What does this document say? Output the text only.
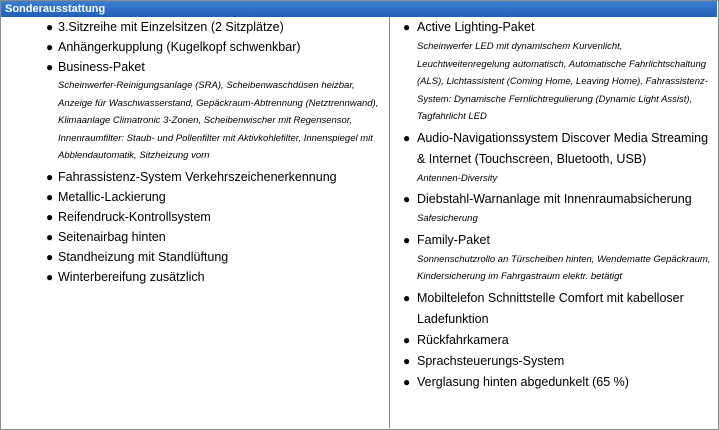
Sonderausstattung
● 3.Sitzreihe mit Einzelsitzen (2 Sitzplätze)
● Anhängerkupplung (Kugelkopf schwenkbar)
● Business-Paket
Scheinwerfer-Reinigungsanlage (SRA), Scheibenwaschdüsen heizbar, Anzeige für Waschwasserstand, Gepäckraum-Abtrennung (Netztrennwand), Klimaanlage Climatronic 3-Zonen, Scheibenwischer mit Regensensor, Innenraumfilter: Staub- und Pollenfilter mit Aktivkohlefilter, Innenspiegel mit Abblendautomatik, Sitzheizung vorn
● Fahrassistenz-System Verkehrszeichenerkennung
● Metallic-Lackierung
● Reifendruck-Kontrollsystem
● Seitenairbag hinten
● Standheizung mit Standlüftung
● Winterbereifung zusätzlich
● Active Lighting-Paket
Scheinwerfer LED mit dynamischem Kurvenlicht, Leuchtweitenregelung automatisch, Automatische Fahrlichtschaltung (ALS), Lichtassistent (Coming Home, Leaving Home), Fahrassistenz-System: Dynamische Fernlichtregulierung (Dynamic Light Assist), Tagfahrlicht LED
● Audio-Navigationssystem Discover Media Streaming & Internet (Touchscreen, Bluetooth, USB)
Antennen-Diversity
● Diebstahl-Warnanlage mit Innenraumabsicherung
Safesicherung
● Family-Paket
Sonnenschutzrollo an Türscheiben hinten, Wendematte Gepäckraum, Kindersicherung im Fahrgastraum elektr. betätigt
● Mobiltelefon Schnittstelle Comfort mit kabelloser Ladefunktion
● Rückfahrkamera
● Sprachsteuerungs-System
● Verglasung hinten abgedunkelt (65 %)
